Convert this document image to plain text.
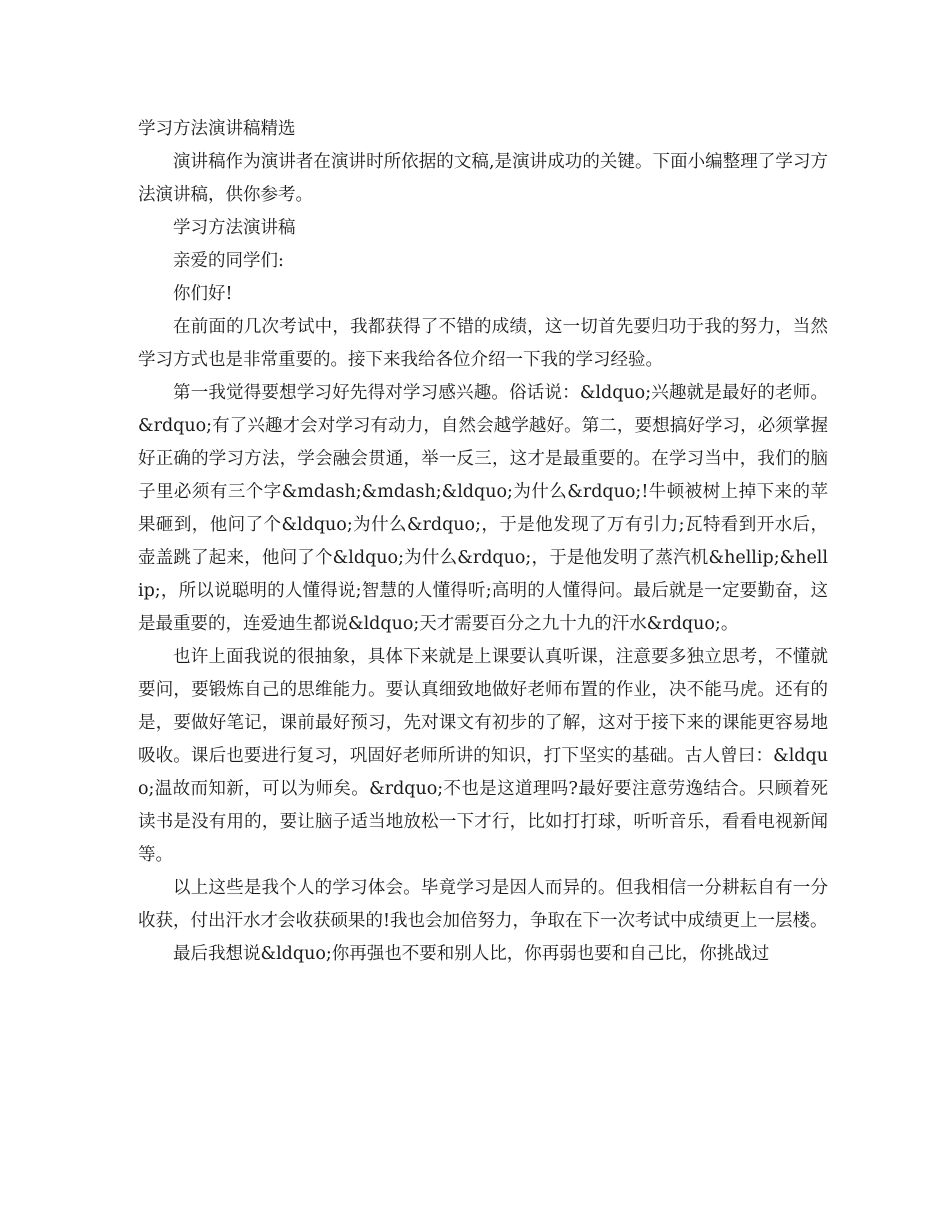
学习方法演讲稿精选

演讲稿作为演讲者在演讲时所依据的文稿,是演讲成功的关键。下面小编整理了学习方法演讲稿，供你参考。

学习方法演讲稿

亲爱的同学们:

你们好!

在前面的几次考试中，我都获得了不错的成绩，这一切首先要归功于我的努力，当然学习方式也是非常重要的。接下来我给各位介绍一下我的学习经验。

第一我觉得要想学习好先得对学习感兴趣。俗话说：&ldquo;兴趣就是最好的老师。&rdquo;有了兴趣才会对学习有动力，自然会越学越好。第二，要想搞好学习，必须掌握好正确的学习方法，学会融会贯通，举一反三，这才是最重要的。在学习当中，我们的脑子里必须有三个字&mdash;&mdash;&ldquo;为什么&rdquo;!牛顿被树上掉下来的苹果砸到，他问了个&ldquo;为什么&rdquo;，于是他发现了万有引力;瓦特看到开水后，壶盖跳了起来，他问了个&ldquo;为什么&rdquo;，于是他发明了蒸汽机&hellip;&hellip;，所以说聪明的人懂得说;智慧的人懂得听;高明的人懂得问。最后就是一定要勤奋，这是最重要的，连爱迪生都说&ldquo;天才需要百分之九十九的汗水&rdquo;。

也许上面我说的很抽象，具体下来就是上课要认真听课，注意要多独立思考，不懂就要问，要锻炼自己的思维能力。要认真细致地做好老师布置的作业，决不能马虎。还有的是，要做好笔记，课前最好预习，先对课文有初步的了解，这对于接下来的课能更容易地吸收。课后也要进行复习，巩固好老师所讲的知识，打下坚实的基础。古人曾曰：&ldquo;温故而知新，可以为师矣。&rdquo;不也是这道理吗?最好要注意劳逸结合。只顾着死读书是没有用的，要让脑子适当地放松一下才行，比如打打球，听听音乐，看看电视新闻等。

以上这些是我个人的学习体会。毕竟学习是因人而异的。但我相信一分耕耘自有一分收获，付出汗水才会收获硕果的!我也会加倍努力，争取在下一次考试中成绩更上一层楼。

最后我想说&ldquo;你再强也不要和别人比，你再弱也要和自己比，你挑战过
